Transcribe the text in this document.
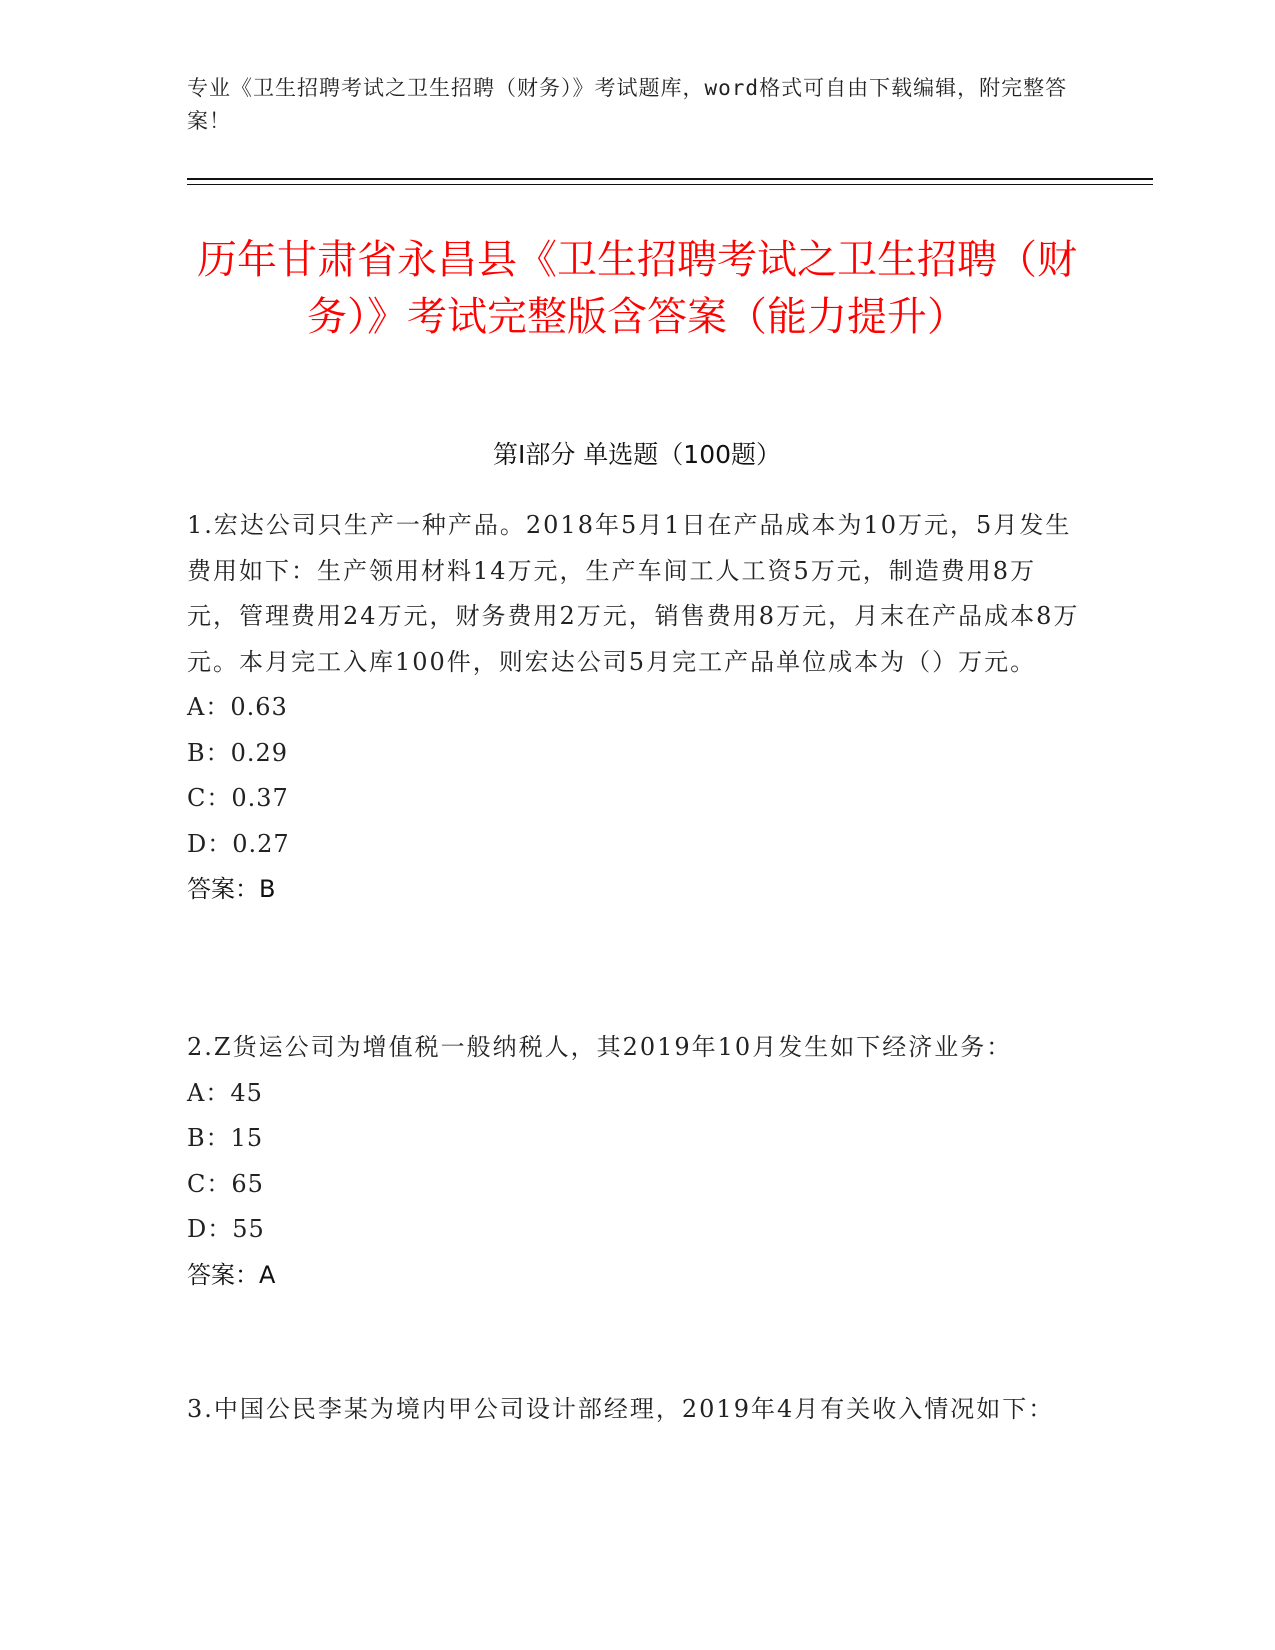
专业《卫生招聘考试之卫生招聘（财务）》考试题库，word格式可自由下载编辑，附完整答案！
历年甘肃省永昌县《卫生招聘考试之卫生招聘（财务）》考试完整版含答案（能力提升）
第I部分 单选题（100题）

1.宏达公司只生产一种产品。2018年5月1日在产品成本为10万元，5月发生费用如下：生产领用材料14万元，生产车间工人工资5万元，制造费用8万元，管理费用24万元，财务费用2万元，销售费用8万元，月末在产品成本8万元。本月完工入库100件，则宏达公司5月完工产品单位成本为（）万元。

A：0.63

B：0.29

C：0.37

D：0.27

答案：B

2.Z货运公司为增值税一般纳税人，其2019年10月发生如下经济业务：

A：45

B：15

C：65

D：55

答案：A

3.中国公民李某为境内甲公司设计部经理，2019年4月有关收入情况如下：
